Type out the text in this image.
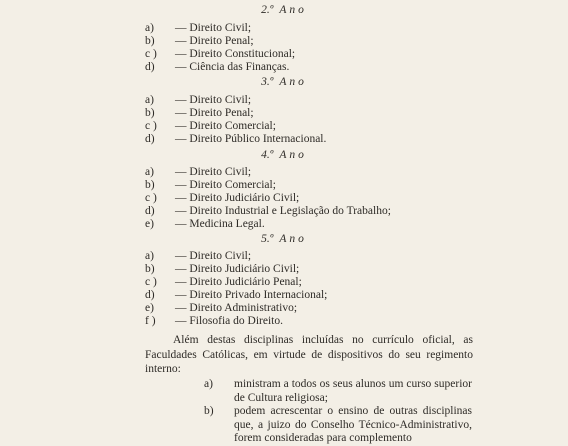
2.º Ano
a) — Direito Civil;
b) — Direito Penal;
c ) — Direito Constitucional;
d) — Ciência das Finanças.
3.º Ano
a) — Direito Civil;
b) — Direito Penal;
c ) — Direito Comercial;
d) — Direito Público Internacional.
4.º Ano
a) — Direito Civil;
b) — Direito Comercial;
c ) — Direito Judiciário Civil;
d) — Direito Industrial e Legislação do Trabalho;
e) — Medicina Legal.
5.º Ano
a) — Direito Civil;
b) — Direito Judiciário Civil;
c ) — Direito Judiciário Penal;
d) — Direito Privado Internacional;
e) — Direito Administrativo;
f ) — Filosofia do Direito.

Além destas disciplinas incluídas no currículo oficial, as Faculdades Católicas, em virtude de dispositivos do seu regimento interno:

a) ministram a todos os seus alunos um curso superior de Cultura religiosa;
b) podem acrescentar o ensino de outras disciplinas que, a juizo do Conselho Técnico-Administrativo, forem consideradas para complemento
